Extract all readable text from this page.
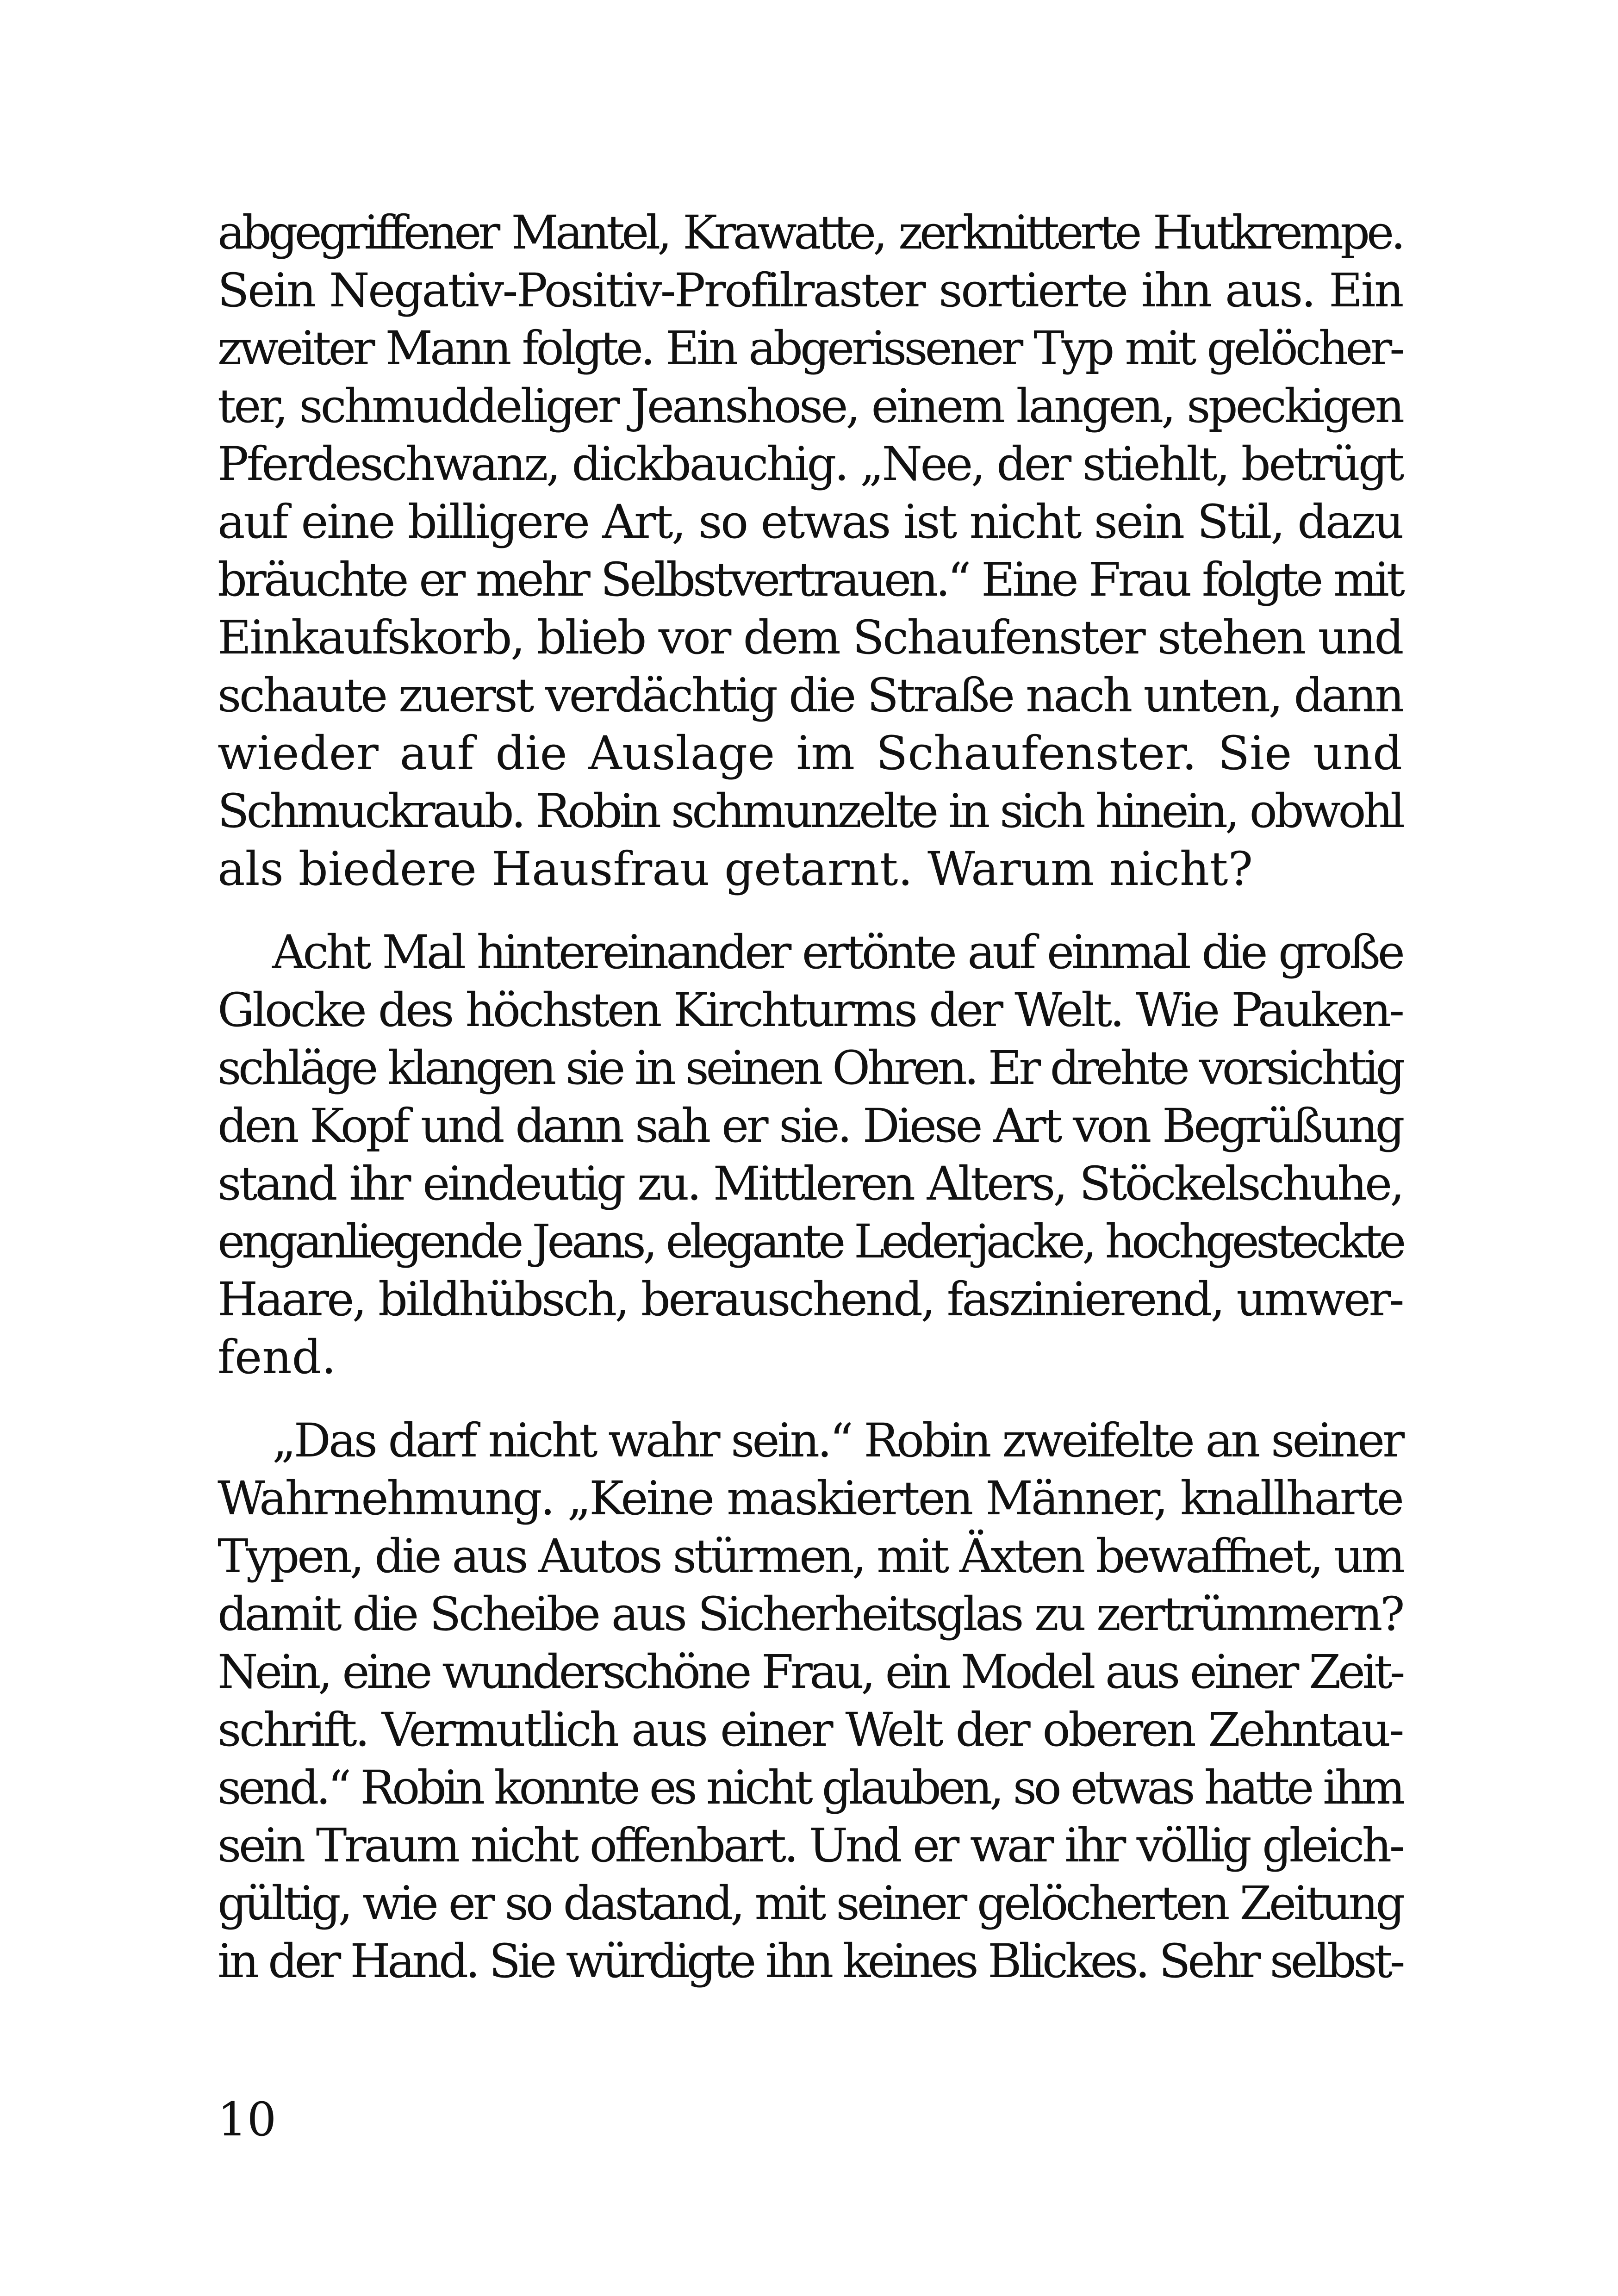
abgegriffener Mantel, Krawatte, zerknitterte Hutkrempe.
Sein Negativ-Positiv-Profilraster sortierte ihn aus. Ein
zweiter Mann folgte. Ein abgerissener Typ mit gelöcher-
ter, schmuddeliger Jeanshose, einem langen, speckigen
Pferdeschwanz, dickbauchig. „Nee, der stiehlt, betrügt
auf eine billigere Art, so etwas ist nicht sein Stil, dazu
bräuchte er mehr Selbstvertrauen.“ Eine Frau folgte mit
Einkaufskorb, blieb vor dem Schaufenster stehen und
schaute zuerst verdächtig die Straße nach unten, dann
wieder auf die Auslage im Schaufenster. Sie und
Schmuckraub. Robin schmunzelte in sich hinein, obwohl
als biedere Hausfrau getarnt. Warum nicht?
Acht Mal hintereinander ertönte auf einmal die große
Glocke des höchsten Kirchturms der Welt. Wie Pauken-
schläge klangen sie in seinen Ohren. Er drehte vorsichtig
den Kopf und dann sah er sie. Diese Art von Begrüßung
stand ihr eindeutig zu. Mittleren Alters, Stöckelschuhe,
enganliegende Jeans, elegante Lederjacke, hochgesteckte
Haare, bildhübsch, berauschend, faszinierend, umwer-
fend.
„Das darf nicht wahr sein.“ Robin zweifelte an seiner
Wahrnehmung. „Keine maskierten Männer, knallharte
Typen, die aus Autos stürmen, mit Äxten bewaffnet, um
damit die Scheibe aus Sicherheitsglas zu zertrümmern?
Nein, eine wunderschöne Frau, ein Model aus einer Zeit-
schrift. Vermutlich aus einer Welt der oberen Zehntau-
send.“ Robin konnte es nicht glauben, so etwas hatte ihm
sein Traum nicht offenbart. Und er war ihr völlig gleich-
gültig, wie er so dastand, mit seiner gelöcherten Zeitung
in der Hand. Sie würdigte ihn keines Blickes. Sehr selbst-
10
